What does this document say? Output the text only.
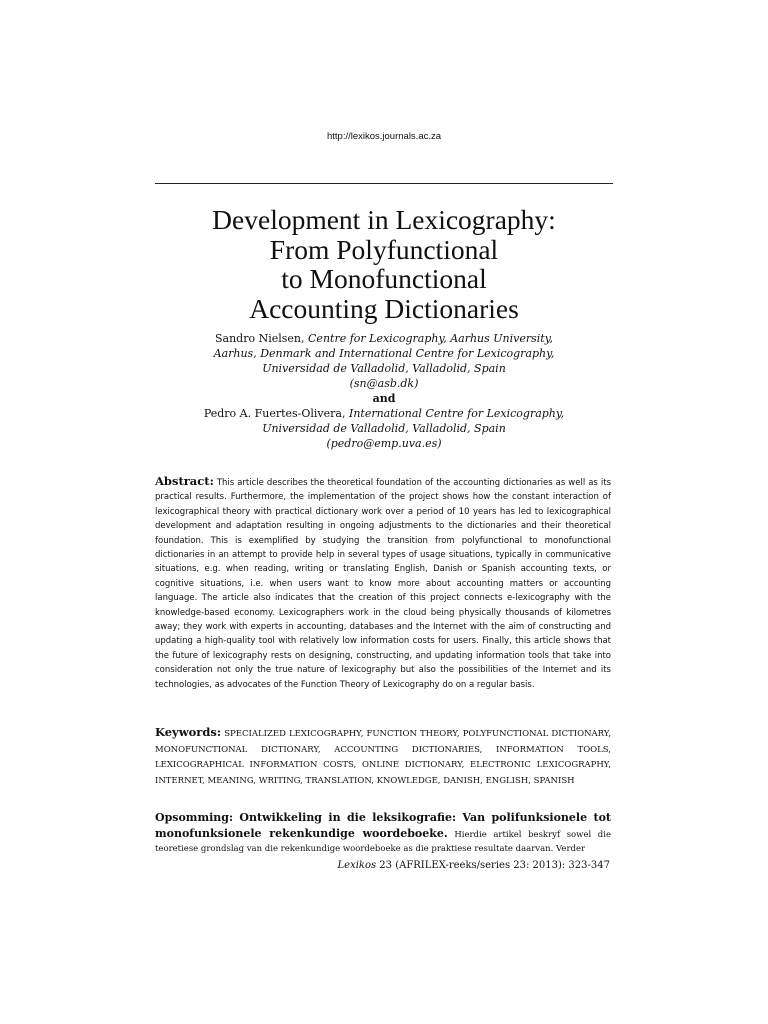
http://lexikos.journals.ac.za
Development in Lexicography:
From Polyfunctional
to Monofunctional
Accounting Dictionaries
Sandro Nielsen, Centre for Lexicography, Aarhus University,
Aarhus, Denmark and International Centre for Lexicography,
Universidad de Valladolid, Valladolid, Spain
(sn@asb.dk)
and
Pedro A. Fuertes-Olivera, International Centre for Lexicography,
Universidad de Valladolid, Valladolid, Spain
(pedro@emp.uva.es)

Abstract: This article describes the theoretical foundation of the accounting dictionaries as well as its practical results. Furthermore, the implementation of the project shows how the constant interaction of lexicographical theory with practical dictionary work over a period of 10 years has led to lexicographical development and adaptation resulting in ongoing adjustments to the dictionaries and their theoretical foundation. This is exemplified by studying the transition from polyfunctional to monofunctional dictionaries in an attempt to provide help in several types of usage situations, typically in communicative situations, e.g. when reading, writing or translating English, Danish or Spanish accounting texts, or cognitive situations, i.e. when users want to know more about accounting matters or accounting language. The article also indicates that the creation of this project connects e-lexicography with the knowledge-based economy. Lexicographers work in the cloud being physically thousands of kilometres away; they work with experts in accounting, databases and the Internet with the aim of constructing and updating a high-quality tool with relatively low information costs for users. Finally, this article shows that the future of lexicography rests on designing, constructing, and updating information tools that take into consideration not only the true nature of lexicography but also the possibilities of the Internet and its technologies, as advocates of the Function Theory of Lexicography do on a regular basis.

Keywords: SPECIALIZED LEXICOGRAPHY, FUNCTION THEORY, POLYFUNCTIONAL DICTIONARY, MONOFUNCTIONAL DICTIONARY, ACCOUNTING DICTIONARIES, INFORMATION TOOLS, LEXICOGRAPHICAL INFORMATION COSTS, ONLINE DICTIONARY, ELECTRONIC LEXICOGRAPHY, INTERNET, MEANING, WRITING, TRANSLATION, KNOWLEDGE, DANISH, ENGLISH, SPANISH

Opsomming: Ontwikkeling in die leksikografie: Van polifunksionele tot monofunksionele rekenkundige woordeboeke. Hierdie artikel beskryf sowel die teoretiese grondslag van die rekenkundige woordeboeke as die praktiese resultate daarvan. Verder

Lexikos 23 (AFRILEX-reeks/series 23: 2013): 323-347
